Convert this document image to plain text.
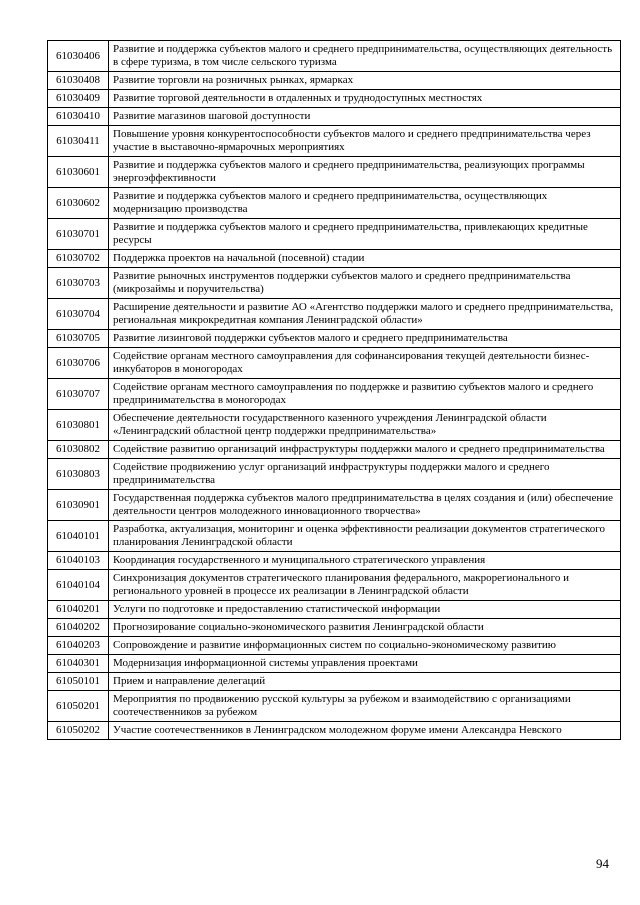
61030406	Развитие и поддержка субъектов малого и среднего предпринимательства, осуществляющих деятельность в сфере туризма, в том числе сельского туризма
61030408	Развитие торговли на розничных рынках, ярмарках
61030409	Развитие торговой деятельности в отдаленных и труднодоступных местностях
61030410	Развитие магазинов шаговой доступности
61030411	Повышение уровня конкурентоспособности субъектов малого и среднего предпринимательства через участие в выставочно-ярмарочных мероприятиях
61030601	Развитие и поддержка субъектов малого и среднего предпринимательства, реализующих программы энергоэффективности
61030602	Развитие и поддержка субъектов малого и среднего предпринимательства, осуществляющих модернизацию производства
61030701	Развитие и поддержка субъектов малого и среднего предпринимательства, привлекающих кредитные ресурсы
61030702	Поддержка проектов на начальной (посевной) стадии
61030703	Развитие рыночных инструментов поддержки субъектов малого и среднего предпринимательства (микрозаймы и поручительства)
61030704	Расширение деятельности и развитие АО «Агентство поддержки малого и среднего предпринимательства, региональная микрокредитная компания Ленинградской области»
61030705	Развитие лизинговой поддержки субъектов малого и среднего предпринимательства
61030706	Содействие органам местного самоуправления для софинансирования текущей деятельности бизнес-инкубаторов в моногородах
61030707	Содействие органам местного самоуправления по поддержке и развитию субъектов малого и среднего предпринимательства в моногородах
61030801	Обеспечение деятельности государственного казенного учреждения Ленинградской области «Ленинградский областной центр поддержки предпринимательства»
61030802	Содействие развитию организаций инфраструктуры поддержки малого и среднего предпринимательства
61030803	Содействие продвижению услуг организаций инфраструктуры поддержки малого и среднего предпринимательства
61030901	Государственная поддержка субъектов малого предпринимательства в целях создания и (или) обеспечение деятельности центров молодежного инновационного творчества»
61040101	Разработка, актуализация, мониторинг и оценка эффективности реализации документов стратегического планирования Ленинградской области
61040103	Координация государственного и муниципального стратегического управления
61040104	Синхронизация документов стратегического планирования федерального, макрорегионального и регионального уровней в процессе их реализации в Ленинградской области
61040201	Услуги по подготовке и предоставлению статистической информации
61040202	Прогнозирование социально-экономического развития Ленинградской области
61040203	Сопровождение и развитие информационных систем по социально-экономическому развитию
61040301	Модернизация информационной системы управления проектами
61050101	Прием и направление делегаций
61050201	Мероприятия по продвижению русской культуры за рубежом и взаимодействию с организациями соотечественников за рубежом
61050202	Участие соотечественников в Ленинградском молодежном форуме имени Александра Невского
94
